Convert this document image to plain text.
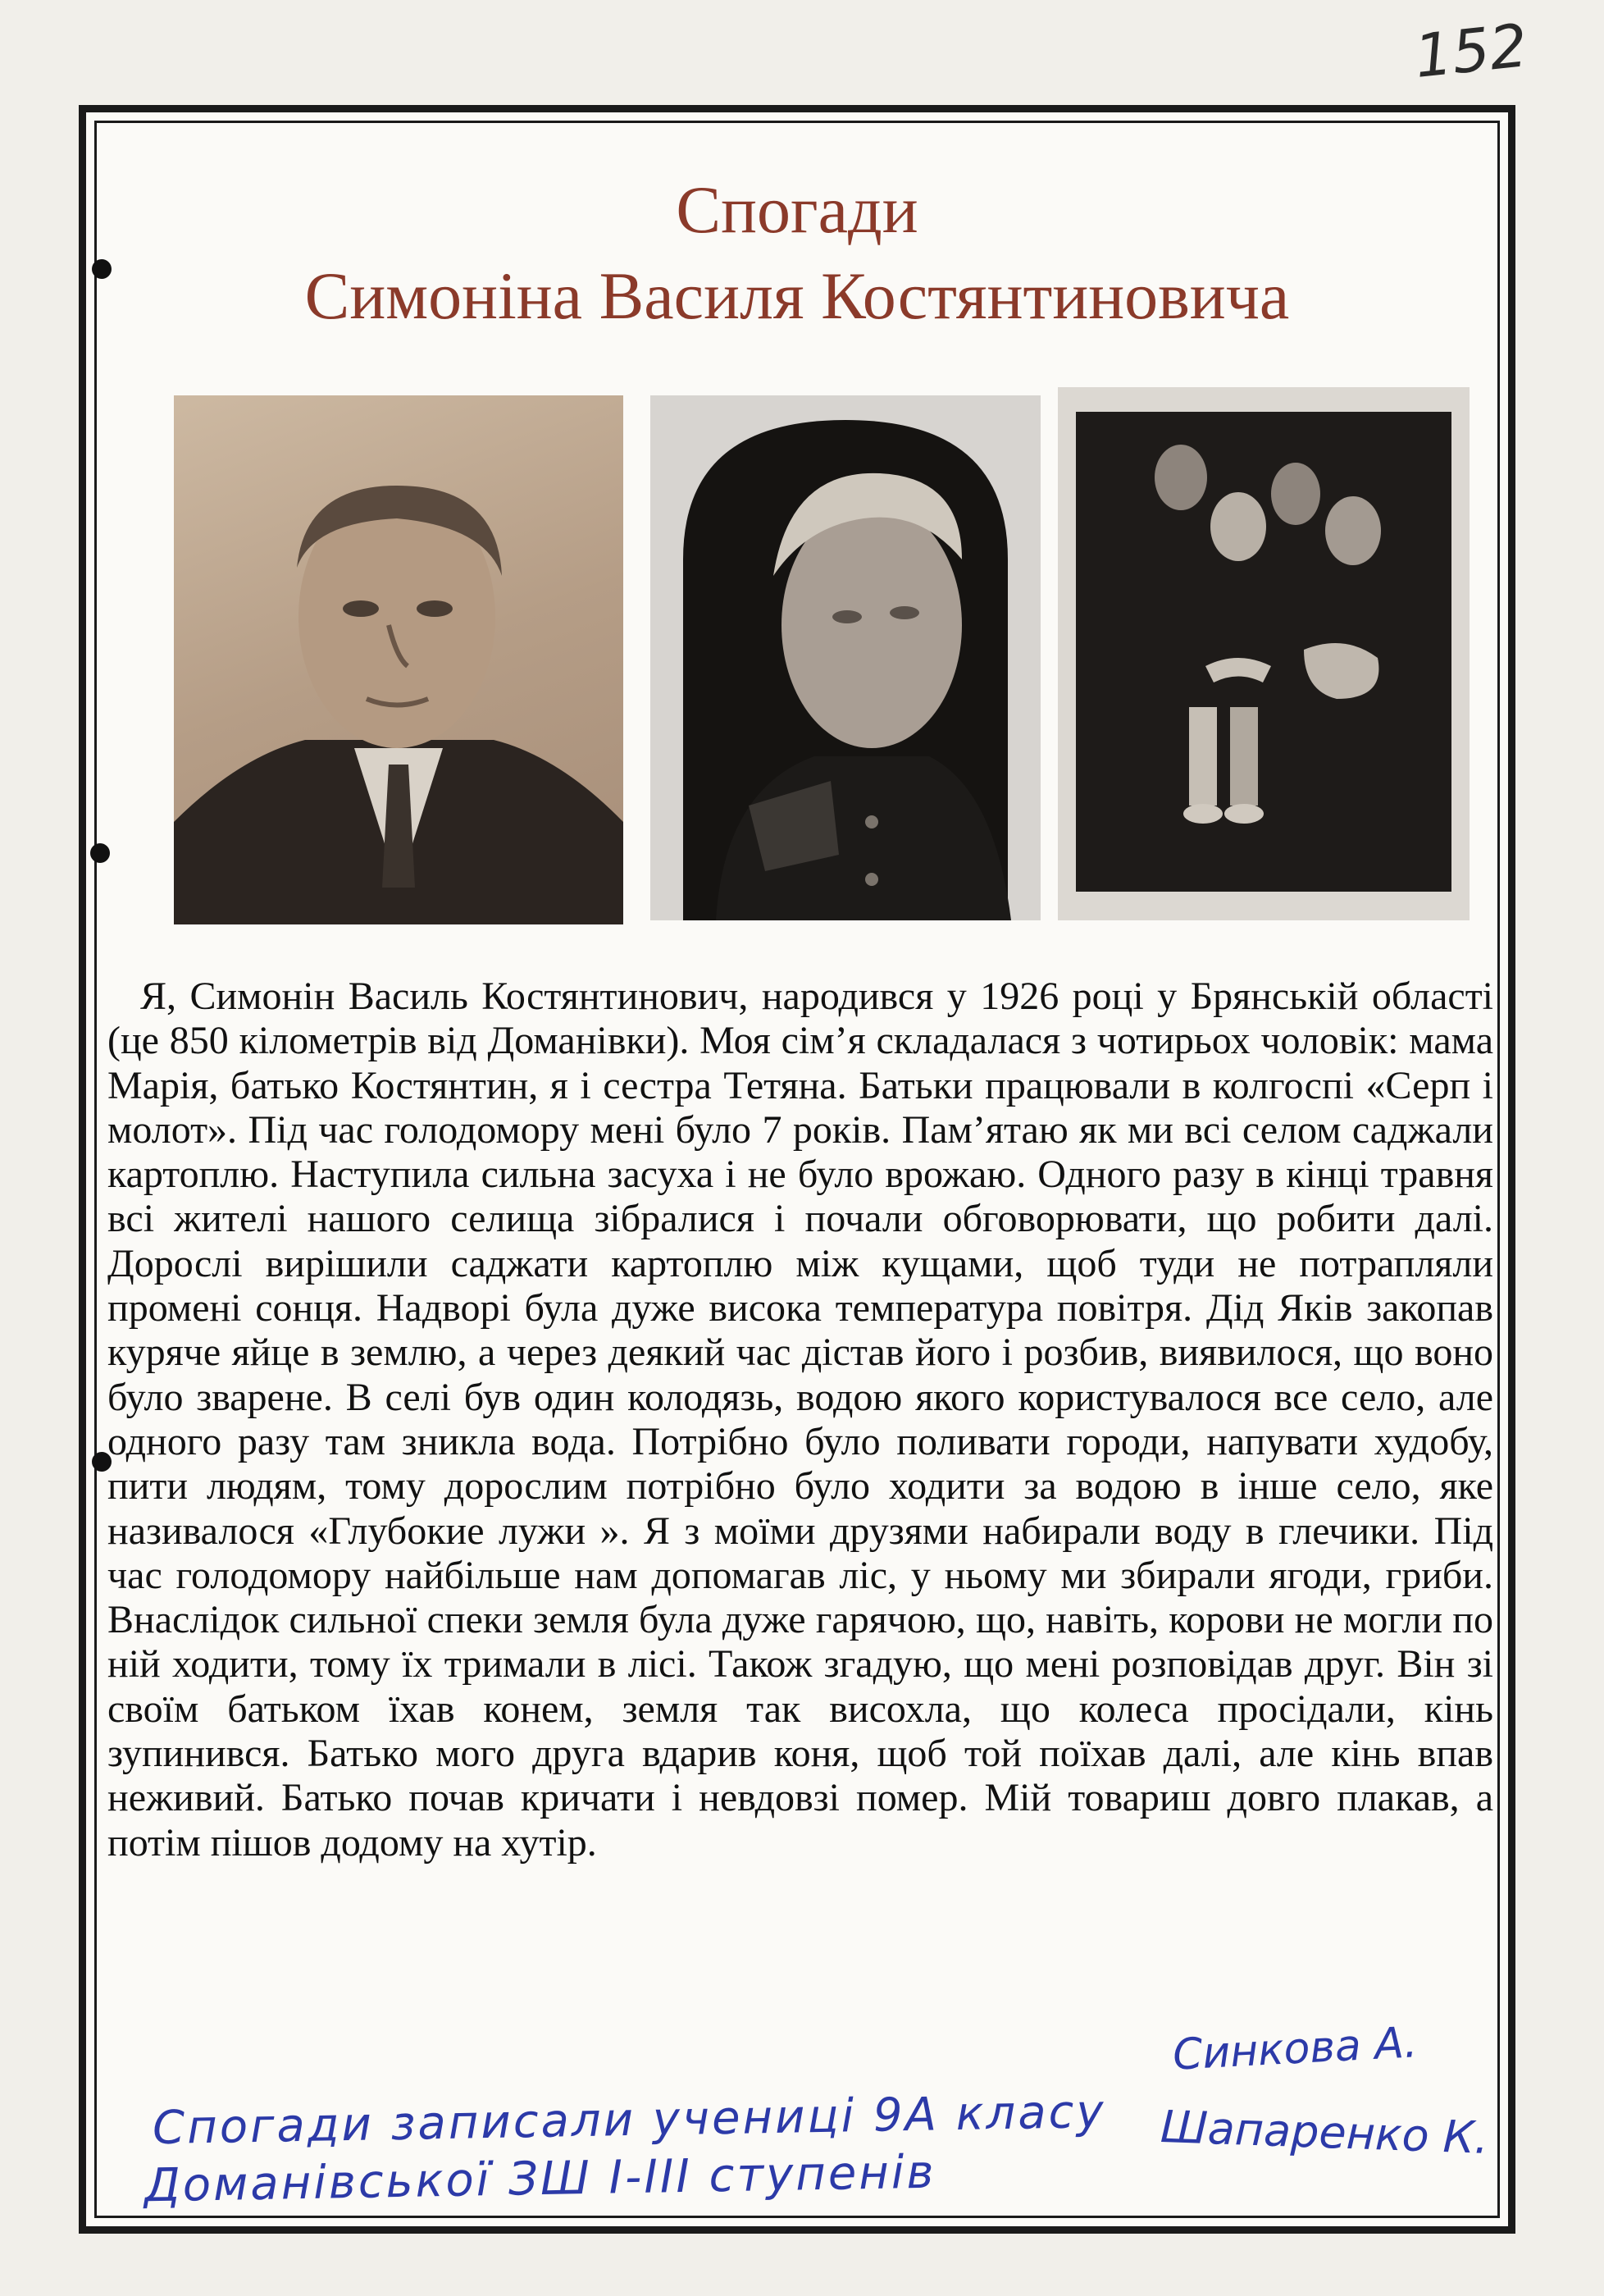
152
Спогади
Симоніна Василя Костянтиновича

Я, Симонін Василь Костянтинович, народився у 1926 році у Брянській області (це 850 кілометрів від Доманівки). Моя сім’я складалася з чотирьох чоловік: мама Марія, батько Костянтин, я і сестра Тетяна. Батьки працювали в колгоспі «Серп і молот». Під час голодомору мені було 7 років. Пам’ятаю як ми всі селом саджали картоплю. Наступила сильна засуха і не було врожаю. Одного разу в кінці травня всі жителі нашого селища зібралися і почали обговорювати, що робити далі. Дорослі вирішили саджати картоплю між кущами, щоб туди не потрапляли промені сонця. Надворі була дуже висока температура повітря. Дід Яків закопав куряче яйце в землю, а через деякий час дістав його і розбив, виявилося, що воно було зварене. В селі був один колодязь, водою якого користувалося все село, але одного разу там зникла вода. Потрібно було поливати городи, напувати худобу, пити людям, тому дорослим потрібно було ходити за водою в інше село, яке називалося «Глубокие лужи ». Я з моїми друзями набирали воду в глечики. Під час голодомору найбільше нам допомагав ліс, у ньому ми збирали ягоди, гриби. Внаслідок сильної спеки земля була дуже гарячою, що, навіть, корови не могли по ній ходити, тому їх тримали в лісі. Також згадую, що мені розповідав друг. Він зі своїм батьком їхав конем, земля так висохла, що колеса просідали, кінь зупинився. Батько мого друга вдарив коня, щоб той поїхав далі, але кінь впав неживий. Батько почав кричати і невдовзі помер. Мій товариш довго плакав, а потім пішов додому на хутір.

Синкова А.
Спогади записали учениці 9А класу
Доманівської ЗШ І-ІІІ ступенів
Шапаренко К.
